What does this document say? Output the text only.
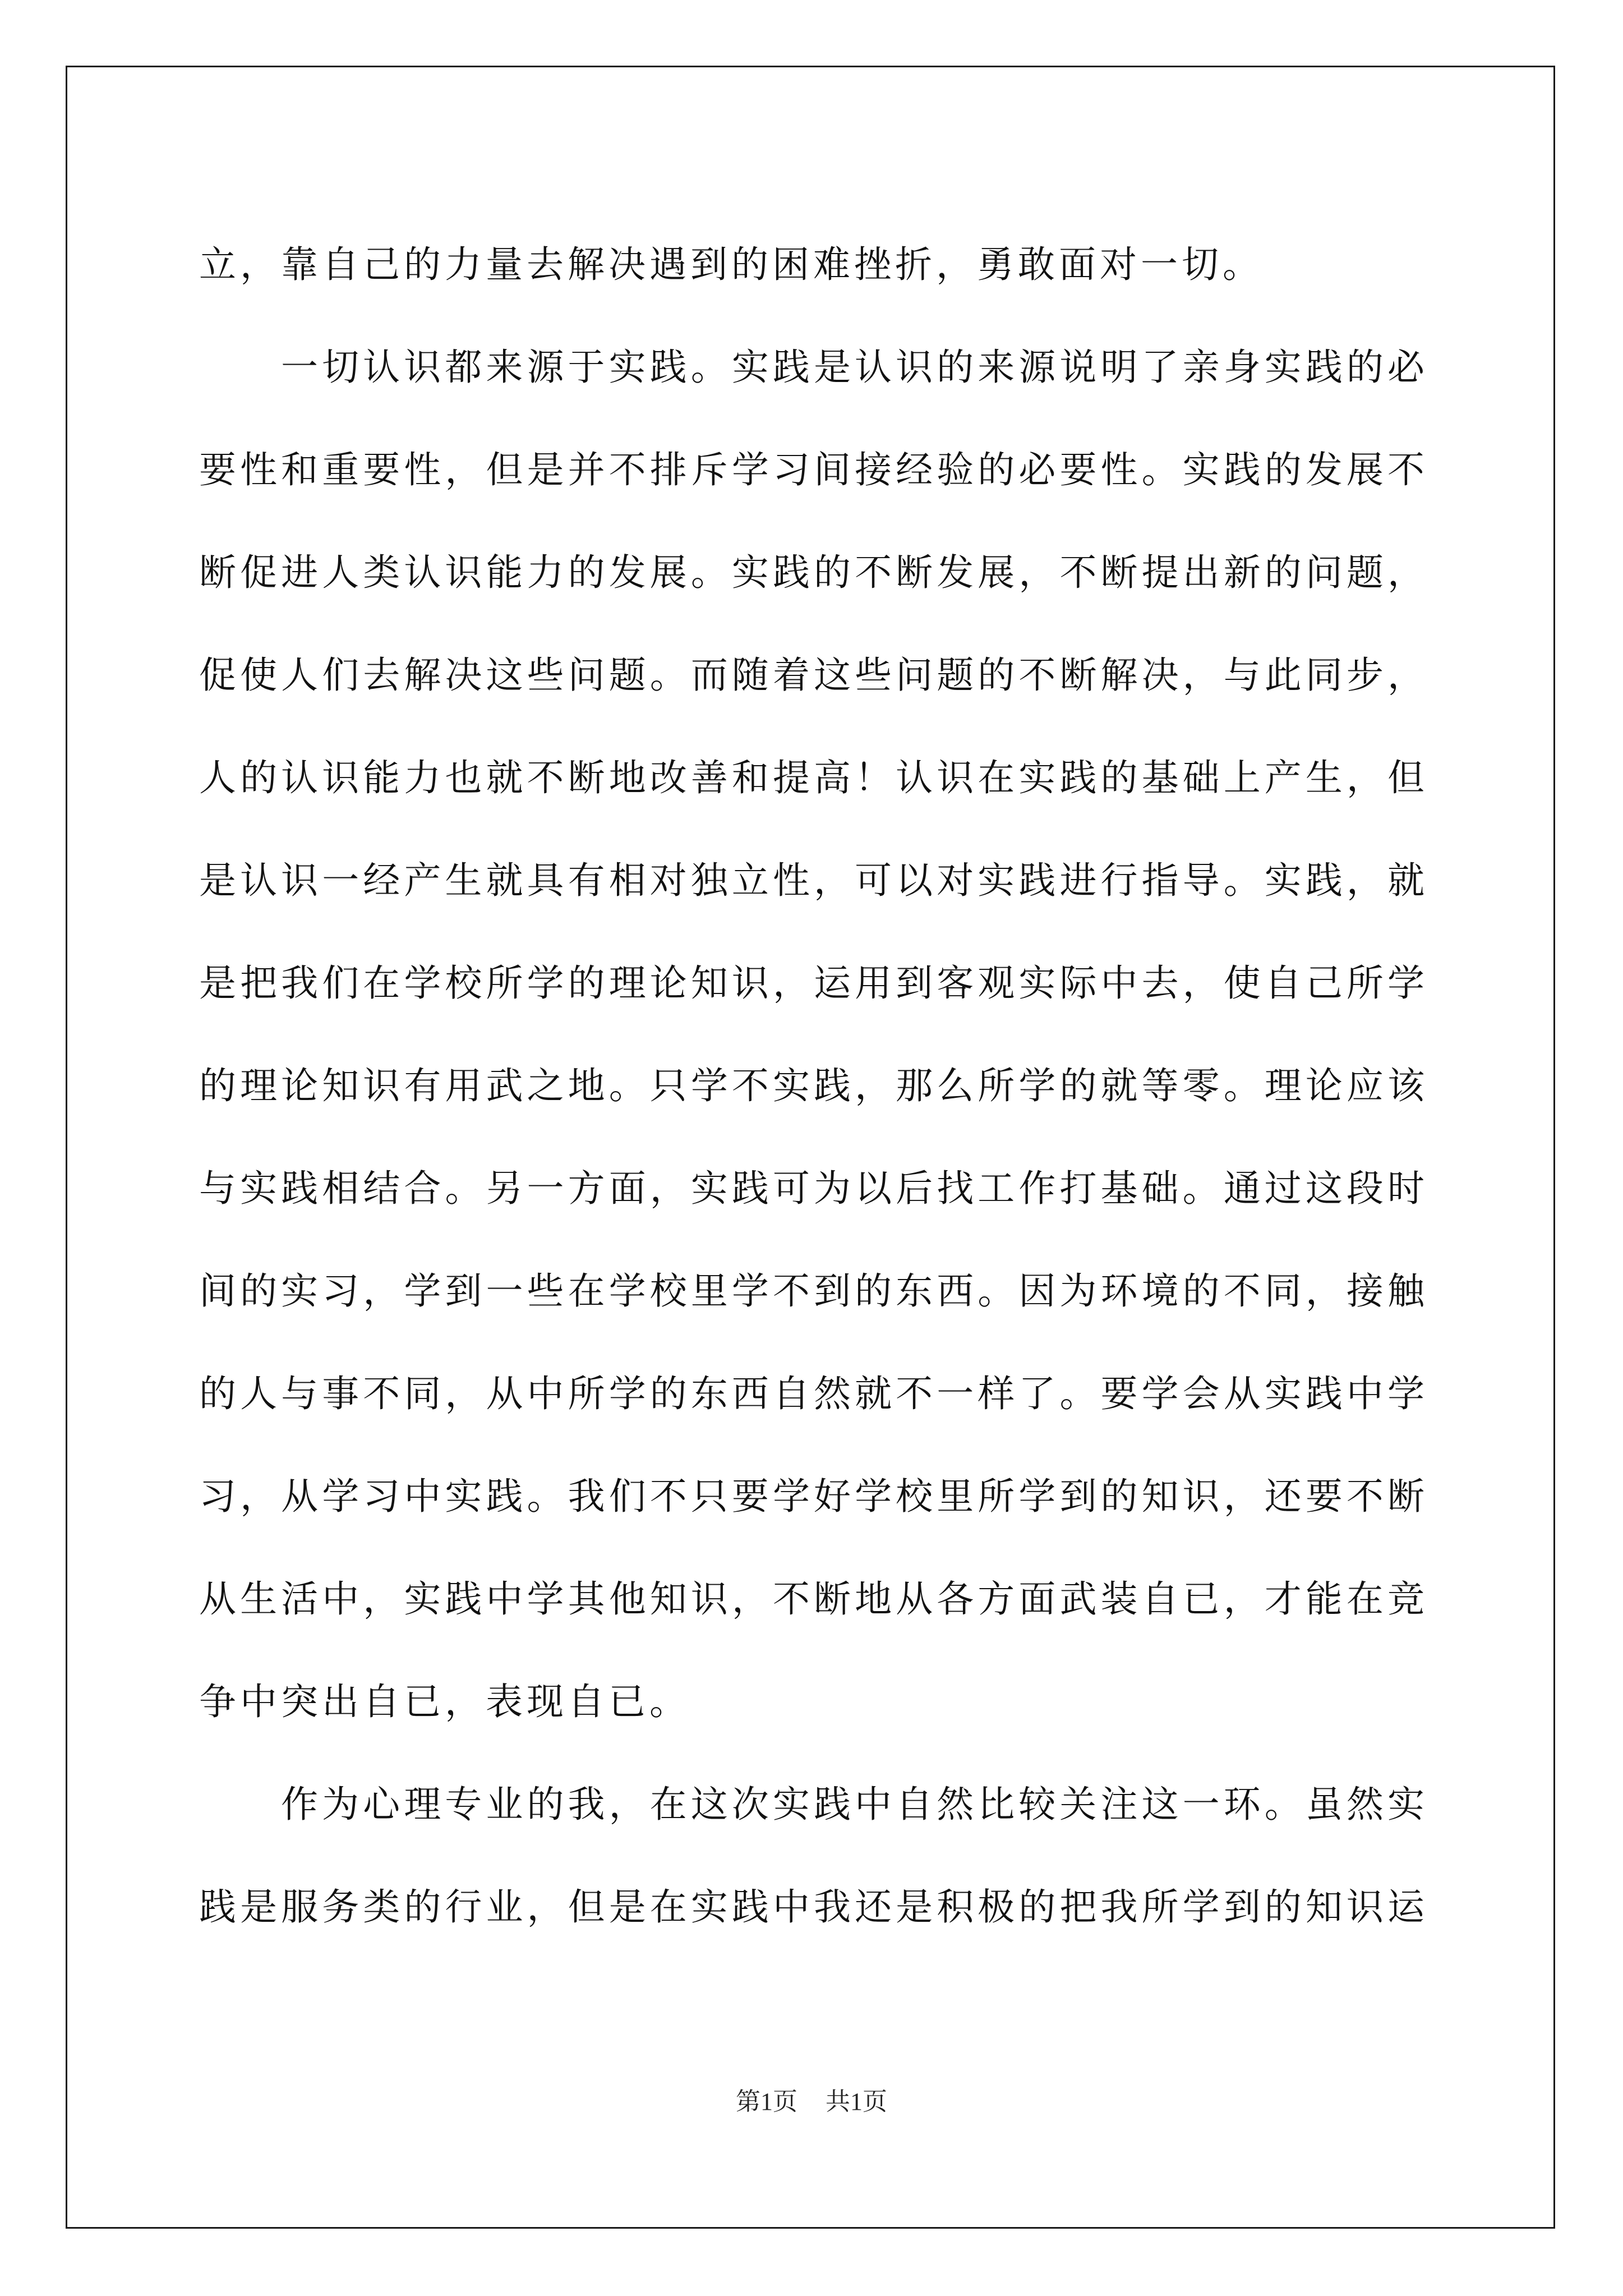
立，靠自己的力量去解决遇到的困难挫折，勇敢面对一切。
一切认识都来源于实践。实践是认识的来源说明了亲身实践的必
要性和重要性，但是并不排斥学习间接经验的必要性。实践的发展不
断促进人类认识能力的发展。实践的不断发展，不断提出新的问题，
促使人们去解决这些问题。而随着这些问题的不断解决，与此同步，
人的认识能力也就不断地改善和提高！认识在实践的基础上产生，但
是认识一经产生就具有相对独立性，可以对实践进行指导。实践，就
是把我们在学校所学的理论知识，运用到客观实际中去，使自己所学
的理论知识有用武之地。只学不实践，那么所学的就等零。理论应该
与实践相结合。另一方面，实践可为以后找工作打基础。通过这段时
间的实习，学到一些在学校里学不到的东西。因为环境的不同，接触
的人与事不同，从中所学的东西自然就不一样了。要学会从实践中学
习，从学习中实践。我们不只要学好学校里所学到的知识，还要不断
从生活中，实践中学其他知识，不断地从各方面武装自已，才能在竞
争中突出自已，表现自已。
作为心理专业的我，在这次实践中自然比较关注这一环。虽然实
践是服务类的行业，但是在实践中我还是积极的把我所学到的知识运
第1页 共1页
